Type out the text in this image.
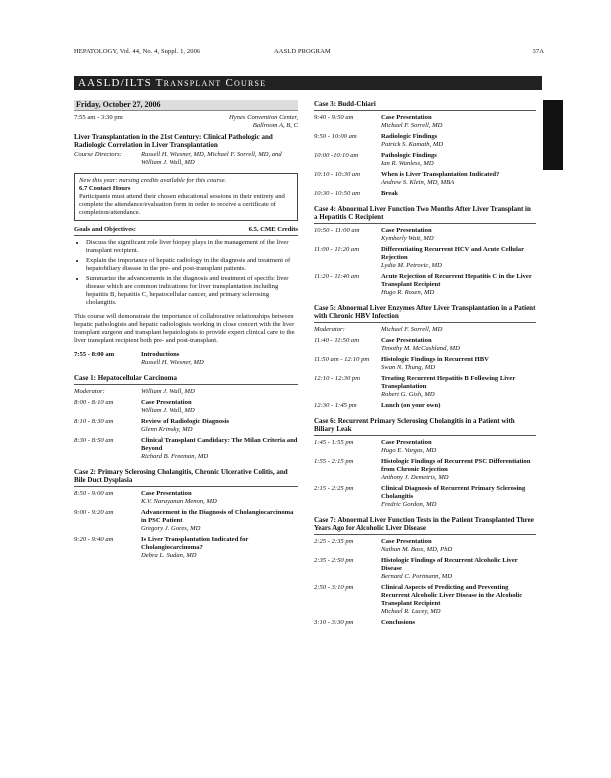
HEPATOLOGY, Vol. 44, No. 4, Suppl. 1, 2006	AASLD PROGRAM	37A
AASLD/ILTS Transplant Course
Friday
October 27
Friday, October 27, 2006
7:55 am - 3:30 pm	Hynes Convention Center,
Ballroom A, B, C
Liver Transplantation in the 21st Century: Clinical Pathologic and Radiologic Correlation in Liver Transplantation
Course Directors:	Russell H. Wiesner, MD, Michael F. Sorrell, MD, and William J. Wall, MD
New this year: nursing credits available for this course.
6.7 Contact Hours
Participants must attend their chosen educational sessions in their entirety and complete the attendance/evaluation form in order to receive a certificate of completion/attendance.
Goals and Objectives:	6.5. CME Credits
• Discuss the significant role liver biopsy plays in the management of the liver transplant recipient.
• Explain the importance of hepatic radiology in the diagnosis and treatment of hepatobiliary disease in the pre- and post-transplant patients.
• Summarize the advancements in the diagnosis and treatment of specific liver disease which are common indications for liver transplantation including hepatitis B, hepatitis C, hepatocellular cancer, and primary sclerosing cholangitis.
This course will demonstrate the importance of collaborative relationships between hepatic pathologists and hepatic radiologists working in close concert with the liver transplant surgeon and transplant hepatologists to provide expert clinical care to the liver transplant recipient both pre- and post-transplant.
7:55 - 8:00 am	Introductions
Russell H. Wiesner, MD
Case 1: Hepatocellular Carcinoma
Moderator:	William J. Wall, MD
8:00 - 8:10 am	Case Presentation
William J. Wall, MD
8:10 - 8:30 am	Review of Radiologic Diagnosis
Glenn Krinsky, MD
8:30 - 8:50 am	Clinical Transplant Candidacy: The Milan Criteria and Beyond
Richard B. Freeman, MD
Case 2: Primary Sclerosing Cholangitis, Chronic Ulcerative Colitis, and Bile Duct Dysplasia
8:50 - 9:00 am	Case Presentation
K.V. Narayanan Menon, MD
9:00 - 9:20 am	Advancement in the Diagnosis of Cholangiocarcinoma in PSC Patient
Gregory J. Gores, MD
9:20 - 9:40 am	Is Liver Transplantation Indicated for Cholangiocarcinoma?
Debra L. Sudan, MD
Case 3: Budd-Chiari
9:40 - 9:50 am	Case Presentation
Michael F. Sorrell, MD
9:50 - 10:00 am	Radiologic Findings
Patrick S. Kamath, MD
10:00 -10:10 am	Pathologic Findings
Ian R. Wanless, MD
10:10 - 10:30 am	When is Liver Transplantation Indicated?
Andrew S. Klein, MD, MBA
10:30 - 10:50 am	Break
Case 4: Abnormal Liver Function Two Months After Liver Transplant in a Hepatitis C Recipient
10:50 - 11:00 am	Case Presentation
Kymberly Watt, MD
11:00 - 11:20 am	Differentiating Recurrent HCV and Acute Cellular Rejection
Lydia M. Petrovic, MD
11:20 - 11:40 am	Acute Rejection of Recurrent Hepatitis C in the Liver Transplant Recipient
Hugo R. Rosen, MD
Case 5: Abnormal Liver Enzymes After Liver Transplantation in a Patient with Chronic HBV Infection
Moderator:	Michael F. Sorrell, MD
11:40 - 11:50 am	Case Presentation
Timothy M. McCashland, MD
11:50 am - 12:10 pm	Histologic Findings in Recurrent HBV
Swan N. Thung, MD
12:10 - 12:30 pm	Treating Recurrent Hepatitis B Following Liver Transplantation
Robert G. Gish, MD
12:30 - 1:45 pm	Lunch (on your own)
Case 6: Recurrent Primary Sclerosing Cholangitis in a Patient with Biliary Leak
1:45 - 1:55 pm	Case Presentation
Hugo E. Vargas, MD
1:55 - 2:15 pm	Histologic Findings of Recurrent PSC Differentiation from Chronic Rejection
Anthony J. Demetris, MD
2:15 - 2:25 pm	Clinical Diagnosis of Recurrent Primary Sclerosing Cholangitis
Fredric Gordon, MD
Case 7: Abnormal Liver Function Tests in the Patient Transplanted Three Years Ago for Alcoholic Liver Disease
2:25 - 2:35 pm	Case Presentation
Nathan M. Bass, MD, PhD
2:35 - 2:50 pm	Histologic Findings of Recurrent Alcoholic Liver Disease
Bernard C. Portmann, MD
2:50 - 3:10 pm	Clinical Aspects of Predicting and Preventing Recurrent Alcoholic Liver Disease in the Alcoholic Transplant Recipient
Michael R. Lucey, MD
3:10 - 3:30 pm	Conclusions
